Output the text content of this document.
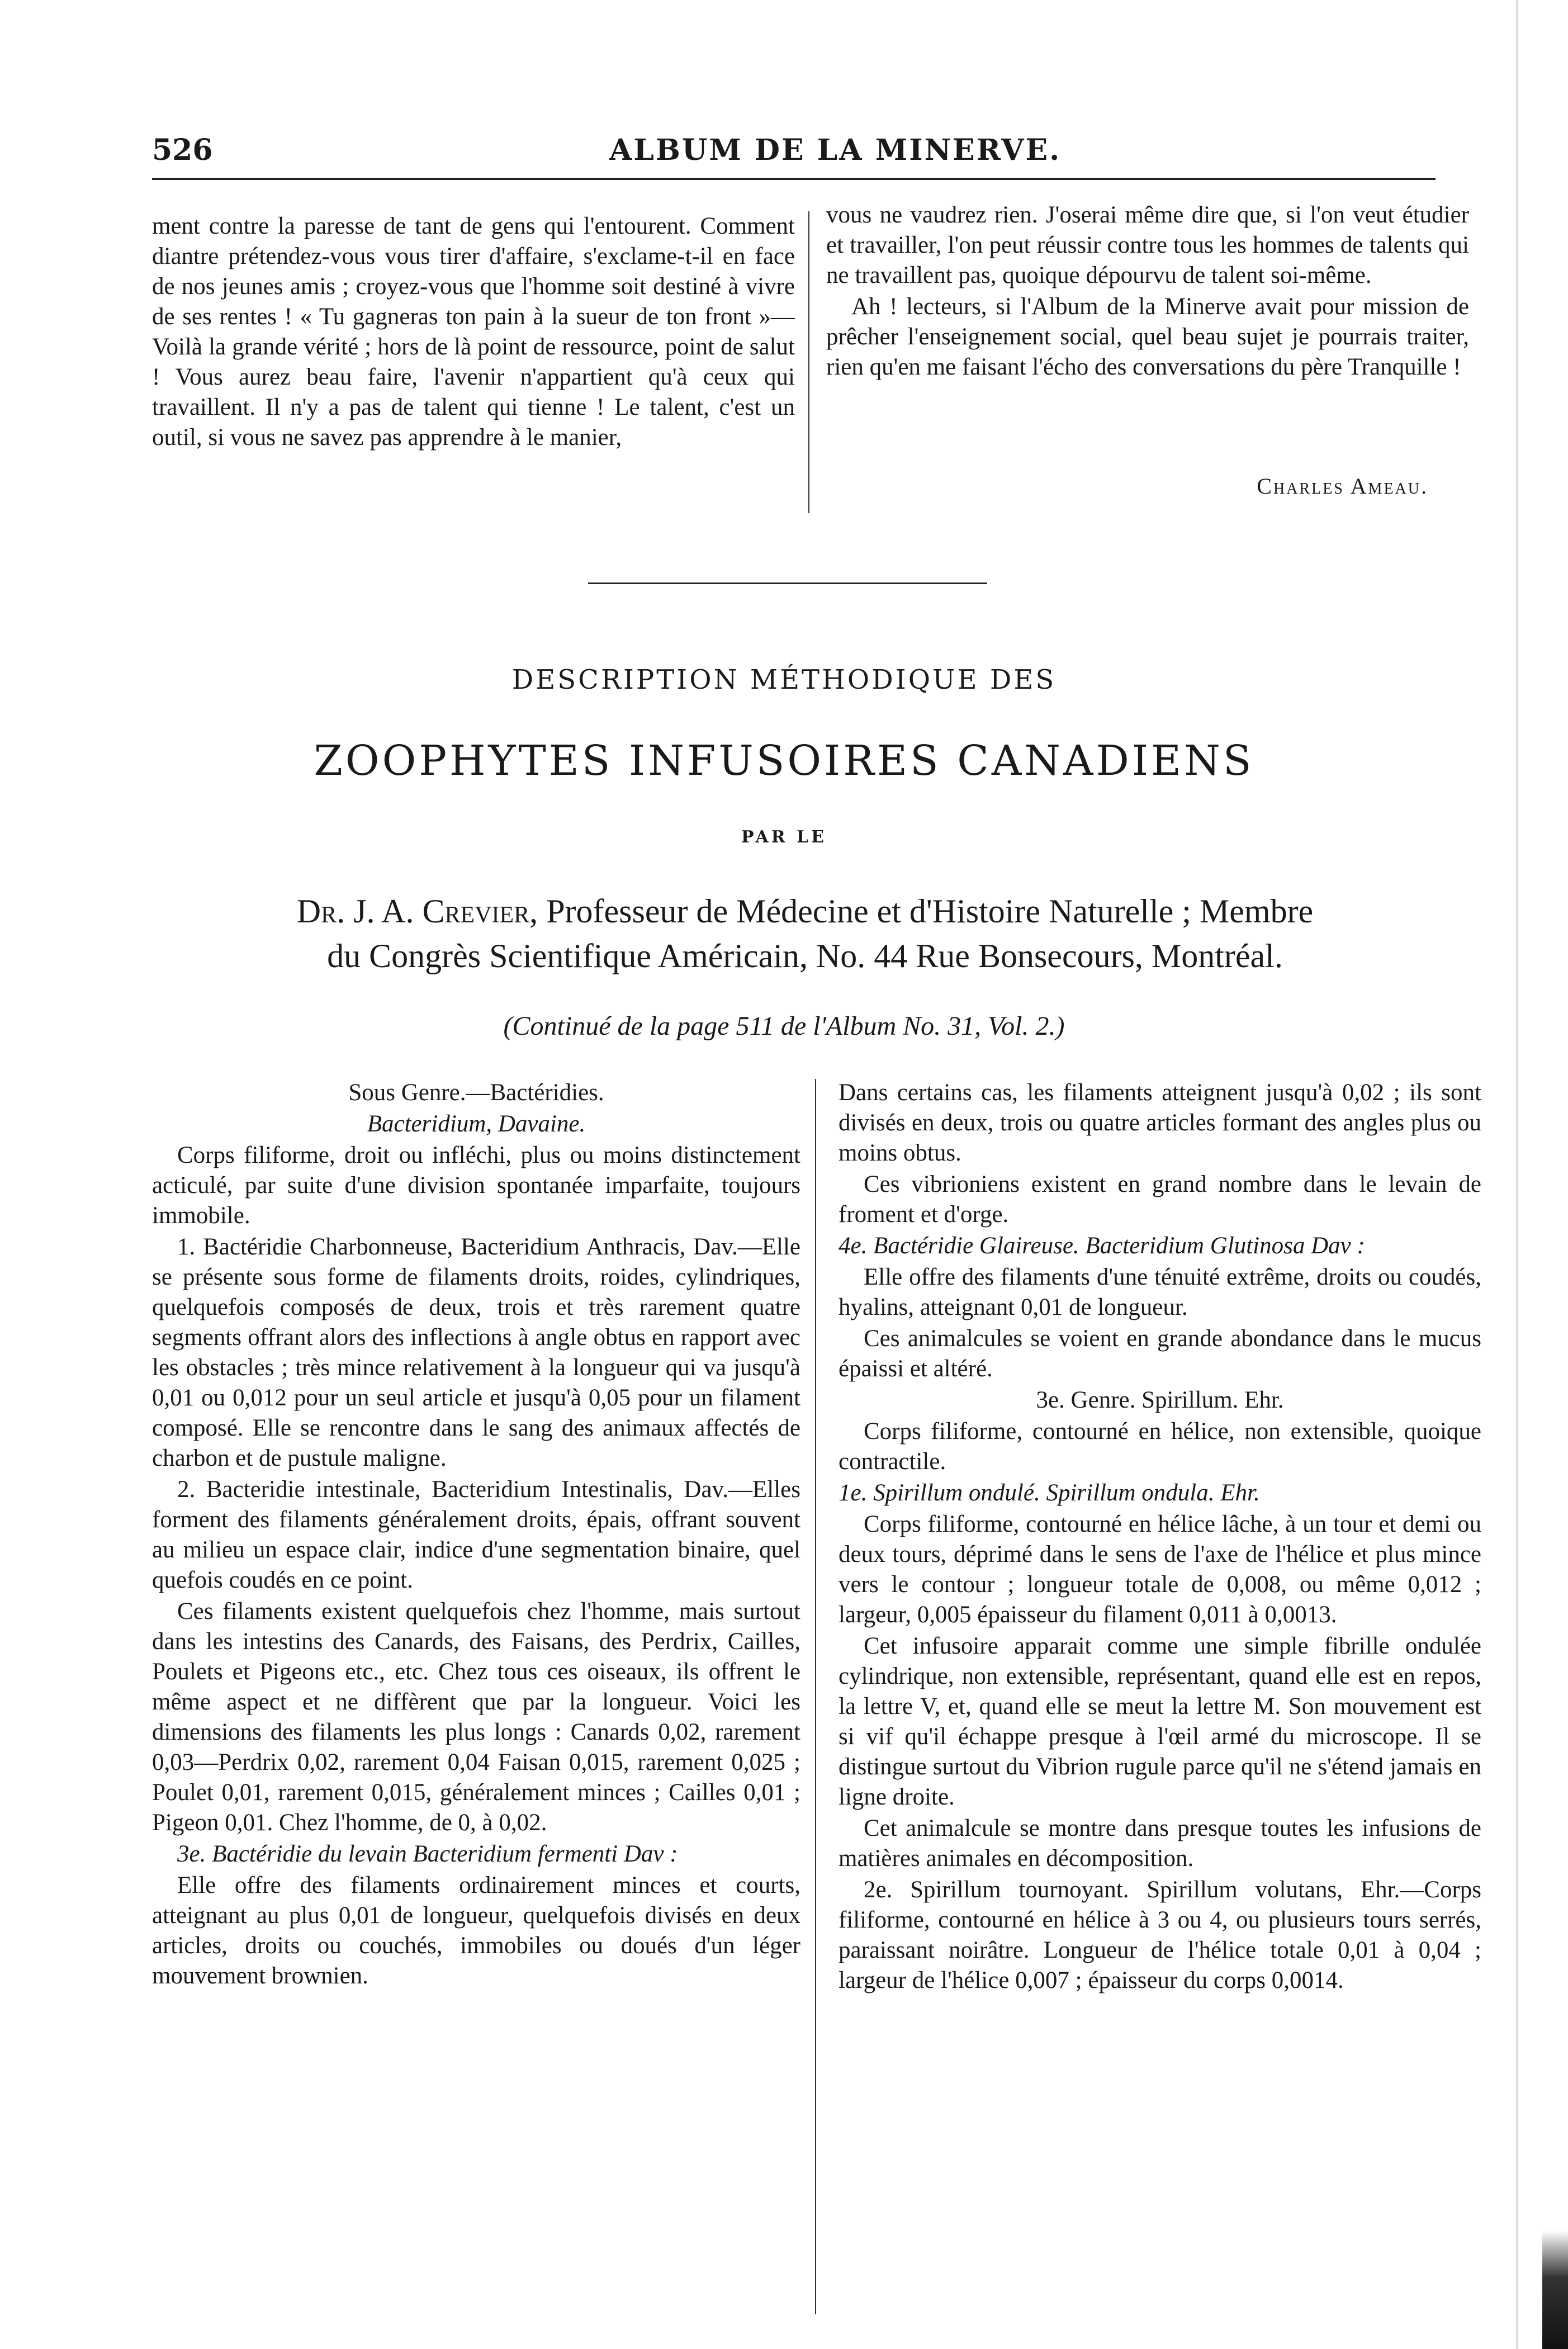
526	ALBUM DE LA MINERVE.

ment contre la paresse de tant de gens qui l'entourent. Comment diantre prétendez-vous vous tirer d'affaire, s'exclame-t-il en face de nos jeunes amis ; croyez-vous que l'homme soit destiné à vivre de ses rentes ! « Tu gagneras ton pain à la sueur de ton front »—Voilà la grande vérité ; hors de là point de ressource, point de salut ! Vous aurez beau faire, l'avenir n'appartient qu'à ceux qui travaillent. Il n'y a pas de talent qui tienne ! Le talent, c'est un outil, si vous ne savez pas apprendre à le manier,

vous ne vaudrez rien. J'oserai même dire que, si l'on veut étudier et travailler, l'on peut réussir contre tous les hommes de talents qui ne travaillent pas, quoique dépourvu de talent soi-même.

Ah ! lecteurs, si l'Album de la Minerve avait pour mission de prêcher l'enseignement social, quel beau sujet je pourrais traiter, rien qu'en me faisant l'écho des conversations du père Tranquille !

Charles Ameau.
DESCRIPTION MÉTHODIQUE DES
ZOOPHYTES INFUSOIRES CANADIENS
PAR LE
Dr. J. A. Crevier, Professeur de Médecine et d'Histoire Naturelle ; Membre
du Congrès Scientifique Américain, No. 44 Rue Bonsecours, Montréal.
(Continué de la page 511 de l'Album No. 31, Vol. 2.)

Sous Genre.—Bactéridies.

Bacteridium, Davaine.

Corps filiforme, droit ou infléchi, plus ou moins distinctement acticulé, par suite d'une division spontanée imparfaite, toujours immobile.

1. Bactéridie Charbonneuse, Bacteridium Anthracis, Dav.—Elle se présente sous forme de filaments droits, roides, cylindriques, quelquefois composés de deux, trois et très rarement quatre segments offrant alors des inflections à angle obtus en rapport avec les obstacles ; très mince relativement à la longueur qui va jusqu'à 0,01 ou 0,012 pour un seul article et jusqu'à 0,05 pour un filament composé. Elle se rencontre dans le sang des animaux affectés de charbon et de pustule maligne.

2. Bacteridie intestinale, Bacteridium Intestinalis, Dav.—Elles forment des filaments généralement droits, épais, offrant souvent au milieu un espace clair, indice d'une segmentation binaire, quel quefois coudés en ce point.

Ces filaments existent quelquefois chez l'homme, mais surtout dans les intestins des Canards, des Faisans, des Perdrix, Cailles, Poulets et Pigeons etc., etc. Chez tous ces oiseaux, ils offrent le même aspect et ne diffèrent que par la longueur. Voici les dimensions des filaments les plus longs : Canards 0,02, rarement 0,03—Perdrix 0,02, rarement 0,04 Faisan 0,015, rarement 0,025 ; Poulet 0,01, rarement 0,015, généralement minces ; Cailles 0,01 ; Pigeon 0,01. Chez l'homme, de 0, à 0,02.

3e. Bactéridie du levain Bacteridium fermenti Dav :

Elle offre des filaments ordinairement minces et courts, atteignant au plus 0,01 de longueur, quelquefois divisés en deux articles, droits ou couchés, immobiles ou doués d'un léger mouvement brownien.

Dans certains cas, les filaments atteignent jusqu'à 0,02 ; ils sont divisés en deux, trois ou quatre articles formant des angles plus ou moins obtus.

Ces vibrioniens existent en grand nombre dans le levain de froment et d'orge.

4e. Bactéridie Glaireuse. Bacteridium Glutinosa Dav :

Elle offre des filaments d'une ténuité extrême, droits ou coudés, hyalins, atteignant 0,01 de longueur.

Ces animalcules se voient en grande abondance dans le mucus épaissi et altéré.

3e. Genre. Spirillum. Ehr.

Corps filiforme, contourné en hélice, non extensible, quoique contractile.

1e. Spirillum ondulé. Spirillum ondula. Ehr.

Corps filiforme, contourné en hélice lâche, à un tour et demi ou deux tours, déprimé dans le sens de l'axe de l'hélice et plus mince vers le contour ; longueur totale de 0,008, ou même 0,012 ; largeur, 0,005 épaisseur du filament 0,011 à 0,0013.

Cet infusoire apparait comme une simple fibrille ondulée cylindrique, non extensible, représentant, quand elle est en repos, la lettre V, et, quand elle se meut la lettre M. Son mouvement est si vif qu'il échappe presque à l'œil armé du microscope. Il se distingue surtout du Vibrion rugule parce qu'il ne s'étend jamais en ligne droite.

Cet animalcule se montre dans presque toutes les infusions de matières animales en décomposition.

2e. Spirillum tournoyant. Spirillum volutans, Ehr.—Corps filiforme, contourné en hélice à 3 ou 4, ou plusieurs tours serrés, paraissant noirâtre. Longueur de l'hélice totale 0,01 à 0,04 ; largeur de l'hélice 0,007 ; épaisseur du corps 0,0014.
